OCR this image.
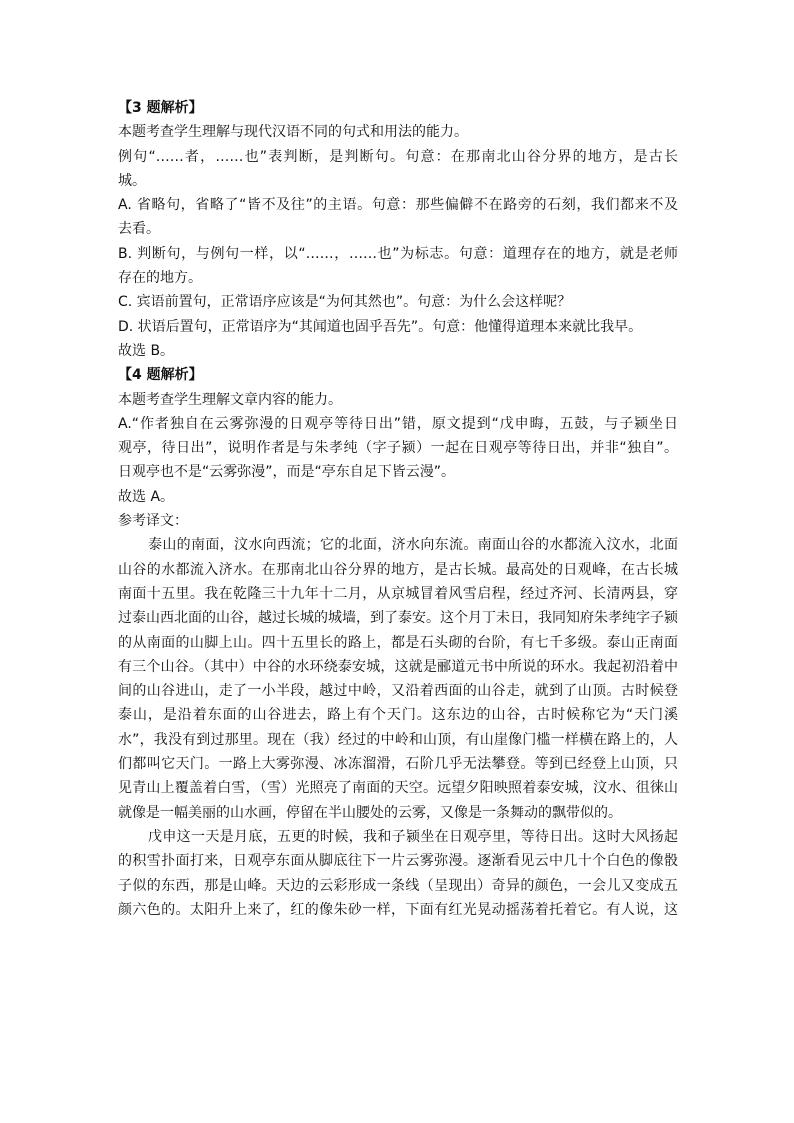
【3 题解析】
本题考查学生理解与现代汉语不同的句式和用法的能力。
例句“……者，……也”表判断，是判断句。句意：在那南北山谷分界的地方，是古长
城。
A. 省略句，省略了“皆不及往”的主语。句意：那些偏僻不在路旁的石刻，我们都来不及
去看。
B. 判断句，与例句一样，以“……，……也”为标志。句意：道理存在的地方，就是老师
存在的地方。
C. 宾语前置句，正常语序应该是“为何其然也”。句意：为什么会这样呢？
D. 状语后置句，正常语序为“其闻道也固乎吾先”。句意：他懂得道理本来就比我早。
故选 B。
【4 题解析】
本题考查学生理解文章内容的能力。
A.“作者独自在云雾弥漫的日观亭等待日出”错，原文提到“戊申晦，五鼓，与子颍坐日
观亭，待日出”，说明作者是与朱孝纯（字子颍）一起在日观亭等待日出，并非“独自”。
日观亭也不是“云雾弥漫”，而是“亭东自足下皆云漫”。
故选 A。
参考译文：
泰山的南面，汶水向西流；它的北面，济水向东流。南面山谷的水都流入汶水，北面
山谷的水都流入济水。在那南北山谷分界的地方，是古长城。最高处的日观峰，在古长城
南面十五里。我在乾隆三十九年十二月，从京城冒着风雪启程，经过齐河、长清两县，穿
过泰山西北面的山谷，越过长城的城墙，到了泰安。这个月丁未日，我同知府朱孝纯字子颍
的从南面的山脚上山。四十五里长的路上，都是石头砌的台阶，有七千多级。泰山正南面
有三个山谷。（其中）中谷的水环绕泰安城，这就是郦道元书中所说的环水。我起初沿着中
间的山谷进山，走了一小半段，越过中岭，又沿着西面的山谷走，就到了山顶。古时候登
泰山，是沿着东面的山谷进去，路上有个天门。这东边的山谷，古时候称它为“天门溪
水”，我没有到过那里。现在（我）经过的中岭和山顶，有山崖像门槛一样横在路上的，人
们都叫它天门。一路上大雾弥漫、冰冻溜滑，石阶几乎无法攀登。等到已经登上山顶，只
见青山上覆盖着白雪，（雪）光照亮了南面的天空。远望夕阳映照着泰安城，汶水、徂徕山
就像是一幅美丽的山水画，停留在半山腰处的云雾，又像是一条舞动的飘带似的。
戊申这一天是月底，五更的时候，我和子颍坐在日观亭里，等待日出。这时大风扬起
的积雪扑面打来，日观亭东面从脚底往下一片云雾弥漫。逐渐看见云中几十个白色的像骰
子似的东西，那是山峰。天边的云彩形成一条线（呈现出）奇异的颜色，一会儿又变成五
颜六色的。太阳升上来了，红的像朱砂一样，下面有红光晃动摇荡着托着它。有人说，这
